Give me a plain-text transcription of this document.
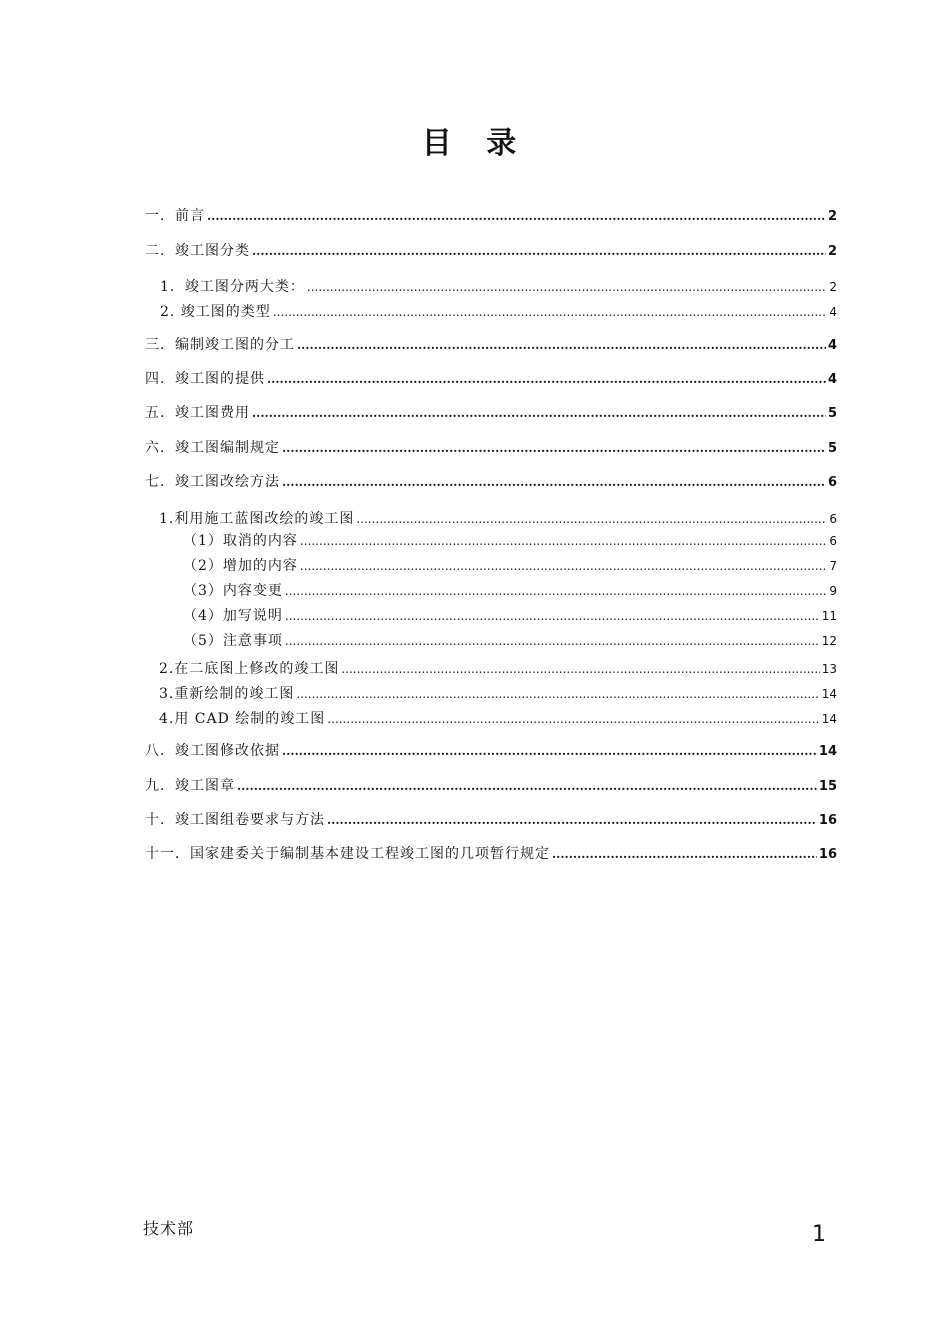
目 录
一．前言 .....	2
二．竣工图分类 .....	2
1．竣工图分两大类： .....	2
2. 竣工图的类型 .....	4
三．编制竣工图的分工 .....	4
四．竣工图的提供 .....	4
五．竣工图费用 .....	5
六．竣工图编制规定 .....	5
七．竣工图改绘方法 .....	6
1.利用施工蓝图改绘的竣工图 .....	6
（1）取消的内容 .....	6
（2）增加的内容 .....	7
（3）内容变更 .....	9
（4）加写说明 .....	11
（5）注意事项 .....	12
2.在二底图上修改的竣工图 .....	13
3.重新绘制的竣工图 .....	14
4.用 CAD 绘制的竣工图 .....	14
八．竣工图修改依据 .....	14
九．竣工图章 .....	15
十．竣工图组卷要求与方法 .....	16
十一．国家建委关于编制基本建设工程竣工图的几项暂行规定 .....	16
技术部	1
